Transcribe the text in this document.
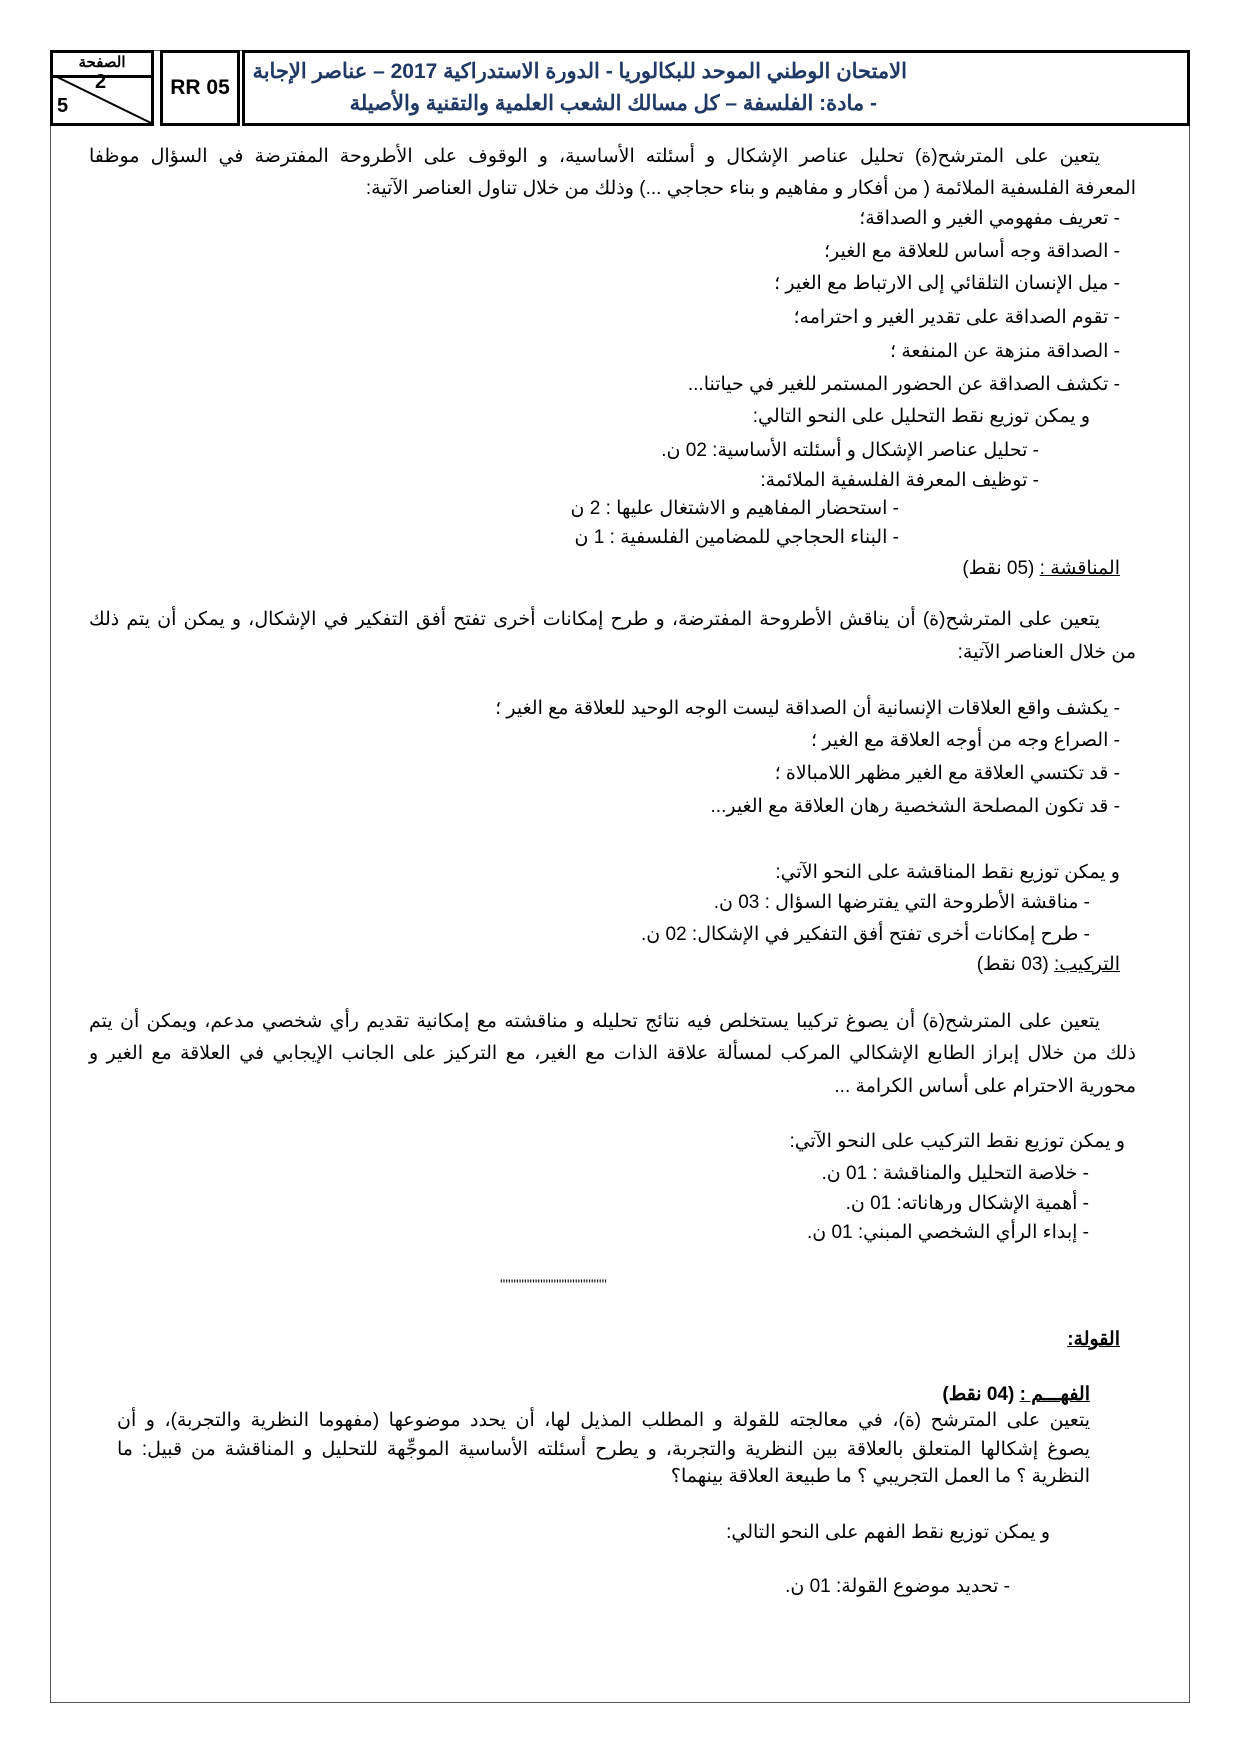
الصفحة
2
5
RR 05
الامتحان الوطني الموحد للبكالوريا - الدورة الاستدراكية 2017 – عناصر الإجابة
- مادة: الفلسفة – كل مسالك الشعب العلمية والتقنية والأصيلة
يتعين على المترشح(ة) تحليل عناصر الإشكال و أسئلته الأساسية، و الوقوف على الأطروحة المفترضة في السؤال موظفا
المعرفة الفلسفية الملائمة ( من أفكار و مفاهيم و بناء حجاجي ...) وذلك من خلال تناول العناصر الآتية:
- تعريف مفهومي الغير و الصداقة؛
- الصداقة وجه أساس للعلاقة مع الغير؛
- ميل الإنسان التلقائي إلى الارتباط مع الغير ؛
- تقوم الصداقة على تقدير الغير و احترامه؛
- الصداقة منزهة عن المنفعة ؛
- تكشف الصداقة عن الحضور المستمر للغير في حياتنا...
و يمكن توزيع نقط التحليل على النحو التالي:
- تحليل عناصر الإشكال و أسئلته الأساسية: 02 ن.
- توظيف المعرفة الفلسفية الملائمة:
- استحضار المفاهيم و الاشتغال عليها : 2 ن
- البناء الحجاجي للمضامين الفلسفية : 1 ن
المناقشة : (05 نقط)
يتعين على المترشح(ة) أن يناقش الأطروحة المفترضة، و طرح إمكانات أخرى تفتح أفق التفكير في الإشكال، و يمكن أن يتم ذلك
من خلال العناصر الآتية:
- يكشف واقع العلاقات الإنسانية أن الصداقة ليست الوجه الوحيد للعلاقة مع الغير ؛
- الصراع وجه من أوجه العلاقة مع الغير ؛
- قد تكتسي العلاقة مع الغير مظهر اللامبالاة ؛
- قد تكون المصلحة الشخصية رهان العلاقة مع الغير...
و يمكن توزيع نقط المناقشة على النحو الآتي:
- مناقشة الأطروحة التي يفترضها السؤال : 03 ن.
- طرح إمكانات أخرى تفتح أفق التفكير في الإشكال: 02 ن.
التركيب: (03 نقط)
يتعين على المترشح(ة) أن يصوغ تركيبا يستخلص فيه نتائج تحليله و مناقشته مع إمكانية تقديم رأي شخصي مدعم، ويمكن أن يتم
ذلك من خلال إبراز الطابع الإشكالي المركب لمسألة علاقة الذات مع الغير، مع التركيز على الجانب الإيجابي في العلاقة مع الغير و
محورية الاحترام على أساس الكرامة ...
و يمكن توزيع نقط التركيب على النحو الآتي:
- خلاصة التحليل والمناقشة : 01 ن.
- أهمية الإشكال ورهاناته: 01 ن.
- إبداء الرأي الشخصي المبني: 01 ن.
''''''''''''''''''''''''''''''''''''''''
القولة:
الفهـــم : (04 نقط)
يتعين على المترشح (ة)، في معالجته للقولة و المطلب المذيل لها، أن يحدد موضوعها (مفهوما النظرية والتجربة)، و أن
يصوغ إشكالها المتعلق بالعلاقة بين النظرية والتجربة، و يطرح أسئلته الأساسية الموجِّهة للتحليل و المناقشة من قبيل: ما
النظرية ؟ ما العمل التجريبي ؟ ما طبيعة العلاقة بينهما؟
و يمكن توزيع نقط الفهم على النحو التالي:
- تحديد موضوع القولة: 01 ن.
